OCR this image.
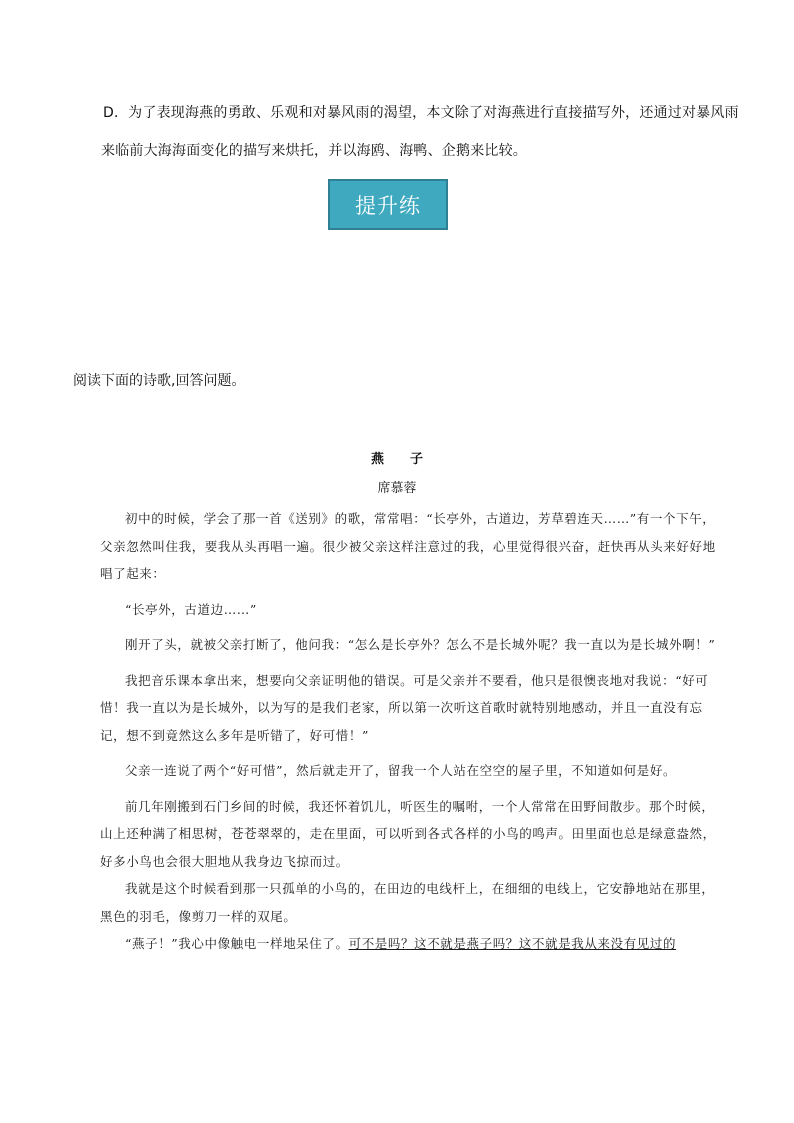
D．为了表现海燕的勇敢、乐观和对暴风雨的渴望，本文除了对海燕进行直接描写外，还通过对暴风雨
来临前大海海面变化的描写来烘托，并以海鸥、海鸭、企鹅来比较。
提升练
阅读下面的诗歌,回答问题。
燕 子
席慕蓉

初中的时候，学会了那一首《送别》的歌，常常唱：“长亭外，古道边，芳草碧连天……”有一个下午，父亲忽然叫住我，要我从头再唱一遍。很少被父亲这样注意过的我，心里觉得很兴奋，赶快再从头来好好地唱了起来：

“长亭外，古道边……”

刚开了头，就被父亲打断了，他问我：“怎么是长亭外？怎么不是长城外呢？我一直以为是长城外啊！”

我把音乐课本拿出来，想要向父亲证明他的错误。可是父亲并不要看，他只是很懊丧地对我说：“好可惜！我一直以为是长城外，以为写的是我们老家，所以第一次听这首歌时就特别地感动，并且一直没有忘记，想不到竟然这么多年是听错了，好可惜！”

父亲一连说了两个“好可惜”，然后就走开了，留我一个人站在空空的屋子里，不知道如何是好。

前几年刚搬到石门乡间的时候，我还怀着饥儿，听医生的嘱咐，一个人常常在田野间散步。那个时候，山上还种满了相思树，苍苍翠翠的，走在里面，可以听到各式各样的小鸟的鸣声。田里面也总是绿意盎然，好多小鸟也会很大胆地从我身边飞掠而过。

我就是这个时候看到那一只孤单的小鸟的，在田边的电线杆上，在细细的电线上，它安静地站在那里，黑色的羽毛，像剪刀一样的双尾。

“燕子！”我心中像触电一样地呆住了。可不是吗？这不就是燕子吗？这不就是我从来没有见过的
